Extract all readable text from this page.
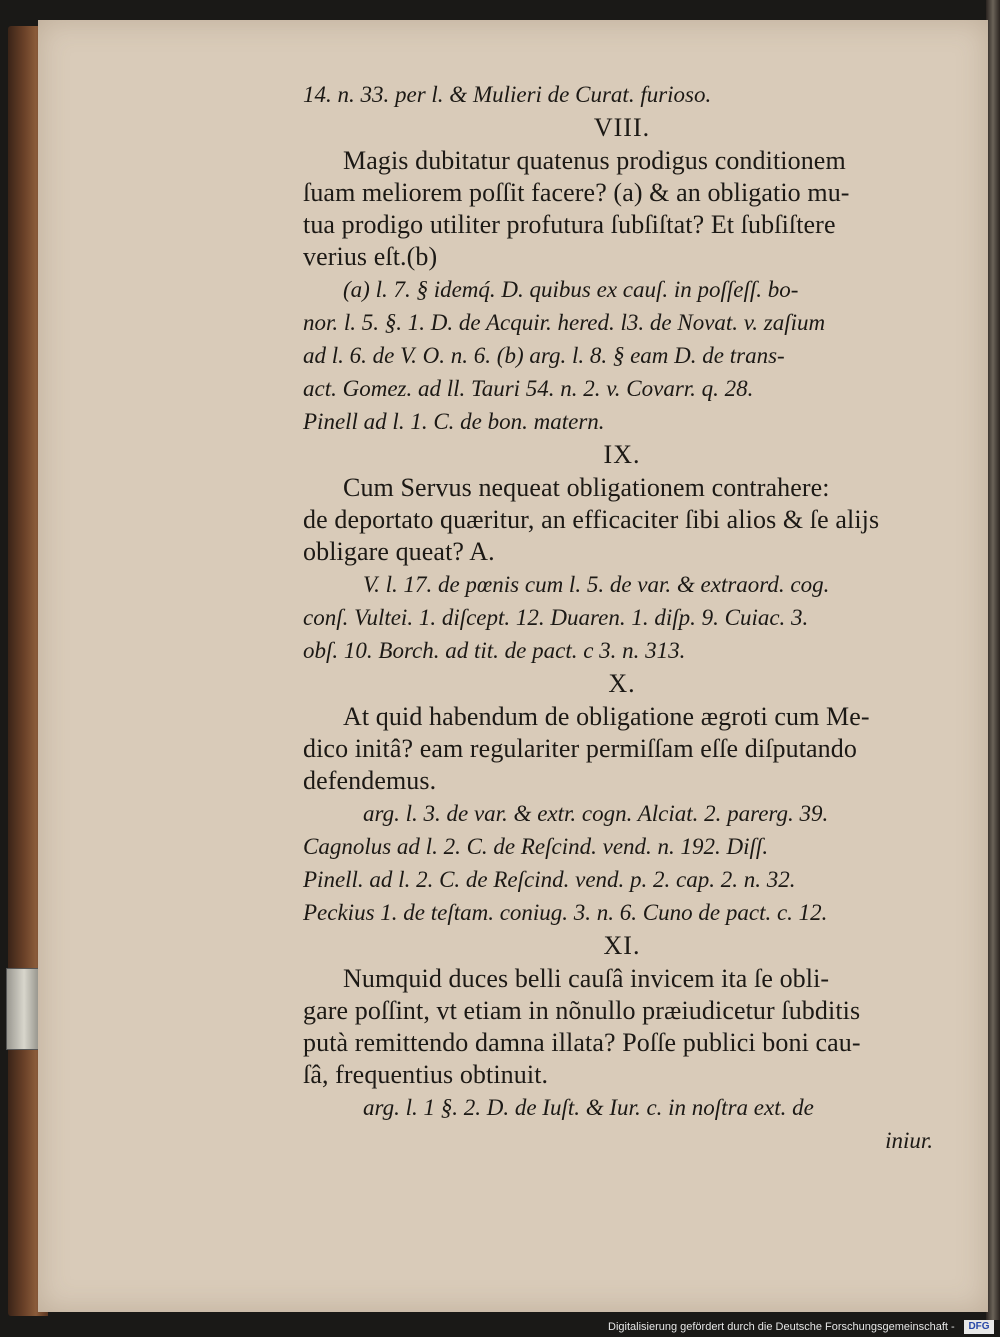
14. n. 33. per l. & Mulieri de Curat. furioso.

VIII.

Magis dubitatur quatenus prodigus conditionem

ſuam meliorem poſſit facere? (a) & an obligatio mu-

tua prodigo utiliter profutura ſubſiſtat? Et ſubſiſtere

verius eſt.(b)

(a) l. 7. § idemq́. D. quibus ex cauſ. in poſſeſſ. bo-

nor. l. 5. §. 1. D. de Acquir. hered. l3. de Novat. v. zaſium

ad l. 6. de V. O. n. 6. (b) arg. l. 8. § eam D. de trans-

act. Gomez. ad ll. Tauri 54. n. 2. v. Covarr. q. 28.

Pinell ad l. 1. C. de bon. matern.

IX.

Cum Servus nequeat obligationem contrahere:

de deportato quæritur, an efficaciter ſibi alios & ſe alijs

obligare queat? A.

V. l. 17. de pœnis cum l. 5. de var. & extraord. cog.

conſ. Vultei. 1. diſcept. 12. Duaren. 1. diſp. 9. Cuiac. 3.

obſ. 10. Borch. ad tit. de pact. c 3. n. 313.

X.

At quid habendum de obligatione ægroti cum Me-

dico initâ? eam regulariter permiſſam eſſe diſputando

defendemus.

arg. l. 3. de var. & extr. cogn. Alciat. 2. parerg. 39.

Cagnolus ad l. 2. C. de Reſcind. vend. n. 192. Diſſ.

Pinell. ad l. 2. C. de Reſcind. vend. p. 2. cap. 2. n. 32.

Peckius 1. de teſtam. coniug. 3. n. 6. Cuno de pact. c. 12.

XI.

Numquid duces belli cauſâ invicem ita ſe obli-

gare poſſint, vt etiam in nõnullo præiudicetur ſubditis

putà remittendo damna illata? Poſſe publici boni cau-

ſâ, frequentius obtinuit.

arg. l. 1 §. 2. D. de Iuſt. & Iur. c. in noſtra ext. de

iniur.

Digitalisierung gefördert durch die Deutsche Forschungsgemeinschaft -	DFG
